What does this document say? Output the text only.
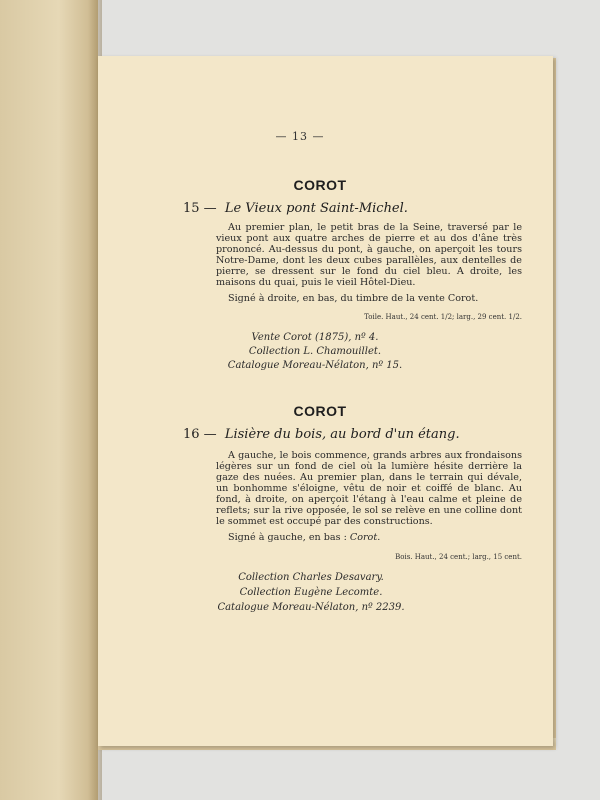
— 13 —
COROT
15 — Le Vieux pont Saint-Michel.

Au premier plan, le petit bras de la Seine, traversé par le vieux pont aux quatre arches de pierre et au dos d'âne très prononcé. Au-dessus du pont, à gauche, on aperçoit les tours Notre-Dame, dont les deux cubes parallèles, aux dentelles de pierre, se dressent sur le fond du ciel bleu. A droite, les maisons du quai, puis le vieil Hôtel-Dieu.

Signé à droite, en bas, du timbre de la vente Corot.
Toile. Haut., 24 cent. 1/2; larg., 29 cent. 1/2.
Vente Corot (1875), nº 4.
Collection L. Chamouillet.
Catalogue Moreau-Nélaton, nº 15.
COROT
16 — Lisière du bois, au bord d'un étang.

A gauche, le bois commence, grands arbres aux frondaisons légères sur un fond de ciel où la lumière hésite derrière la gaze des nuées. Au premier plan, dans le terrain qui dévale, un bonhomme s'éloigne, vêtu de noir et coiffé de blanc. Au fond, à droite, on aperçoit l'étang à l'eau calme et pleine de reflets; sur la rive opposée, le sol se relève en une colline dont le sommet est occupé par des constructions.

Signé à gauche, en bas : Corot.
Bois. Haut., 24 cent.; larg., 15 cent.
Collection Charles Desavary.
Collection Eugène Lecomte.
Catalogue Moreau-Nélaton, nº 2239.
